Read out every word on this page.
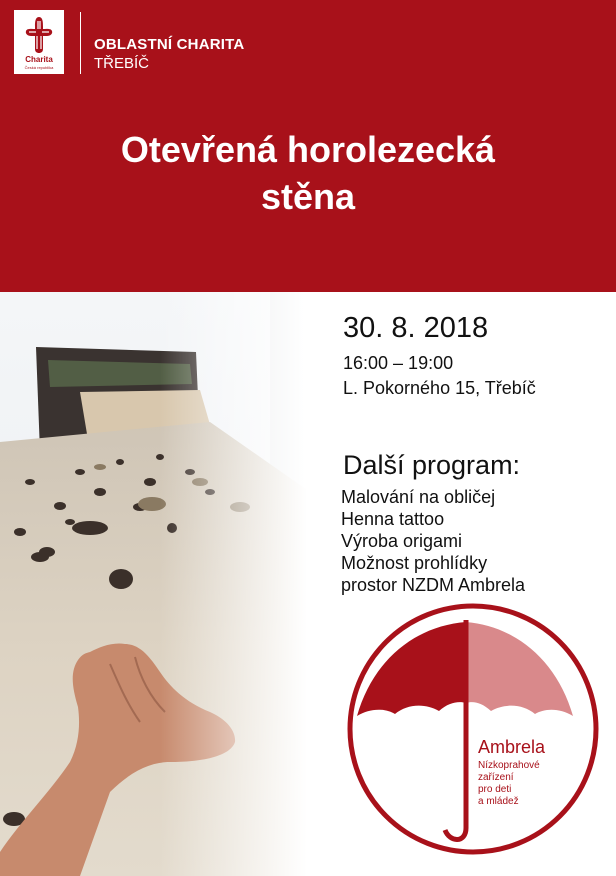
Charita
Česká republika
OBLASTNÍ CHARITA
TŘEBÍČ
Otevřená horolezecká
stěna
30. 8. 2018
16:00 – 19:00
L. Pokorného 15, Třebíč
Další program:
Malování na obličej
Henna tattoo
Výroba origami
Možnost prohlídky
prostor NZDM Ambrela
Ambrela
Nízkoprahové
zařízení
pro deti
a mládež
